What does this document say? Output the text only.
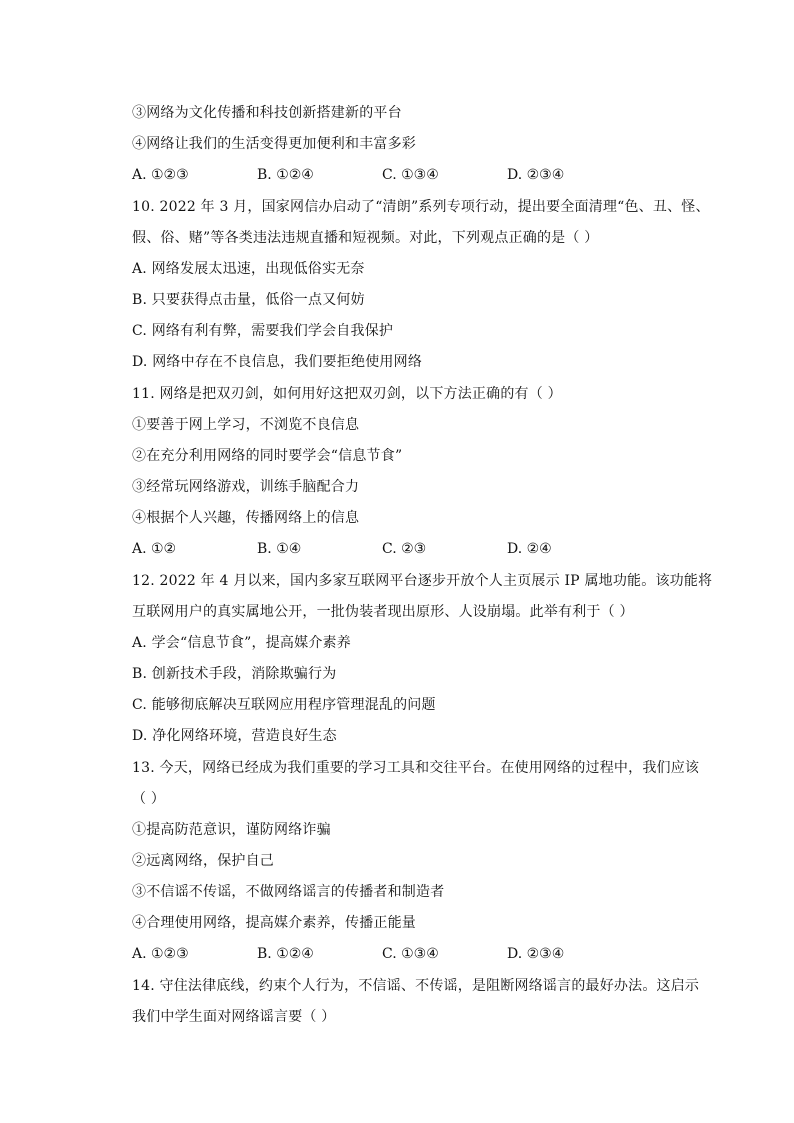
③网络为文化传播和科技创新搭建新的平台
④网络让我们的生活变得更加便利和丰富多彩
A. ①②③	B. ①②④	C. ①③④	D. ②③④
10. 2022 年 3 月，国家网信办启动了“清朗”系列专项行动，提出要全面清理“色、丑、怪、
假、俗、赌”等各类违法违规直播和短视频。对此，下列观点正确的是（ ）
A. 网络发展太迅速，出现低俗实无奈
B. 只要获得点击量，低俗一点又何妨
C. 网络有利有弊，需要我们学会自我保护
D. 网络中存在不良信息，我们要拒绝使用网络
11. 网络是把双刃剑，如何用好这把双刃剑，以下方法正确的有（ ）
①要善于网上学习，不浏览不良信息
②在充分利用网络的同时要学会“信息节食”
③经常玩网络游戏，训练手脑配合力
④根据个人兴趣，传播网络上的信息
A. ①②	B. ①④	C. ②③	D. ②④
12. 2022 年 4 月以来，国内多家互联网平台逐步开放个人主页展示 IP 属地功能。该功能将
互联网用户的真实属地公开，一批伪装者现出原形、人设崩塌。此举有利于（ ）
A. 学会“信息节食”，提高媒介素养
B. 创新技术手段，消除欺骗行为
C. 能够彻底解决互联网应用程序管理混乱的问题
D. 净化网络环境，营造良好生态
13. 今天，网络已经成为我们重要的学习工具和交往平台。在使用网络的过程中，我们应该
（ ）
①提高防范意识，谨防网络诈骗
②远离网络，保护自己
③不信谣不传谣，不做网络谣言的传播者和制造者
④合理使用网络，提高媒介素养，传播正能量
A. ①②③	B. ①②④	C. ①③④	D. ②③④
14. 守住法律底线，约束个人行为，不信谣、不传谣，是阻断网络谣言的最好办法。这启示
我们中学生面对网络谣言要（ ）
